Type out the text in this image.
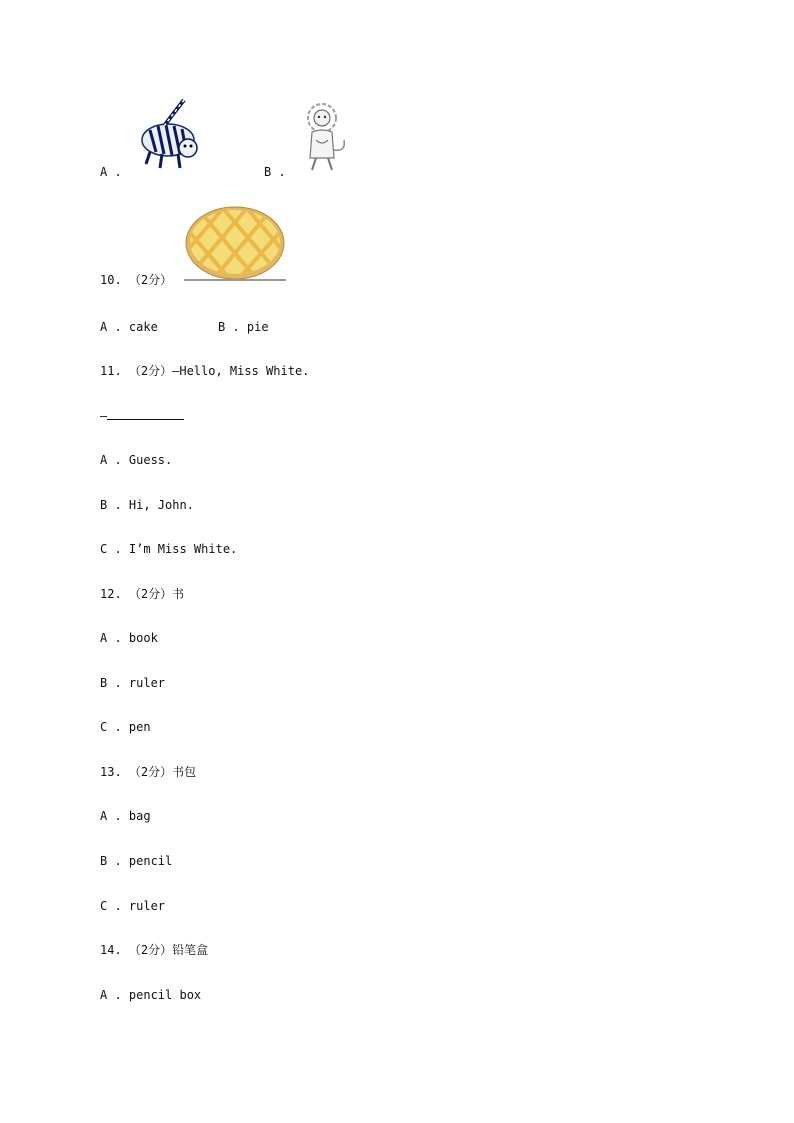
A .	B .
10. （2分）
A . cake	B . pie
11. （2分）—Hello, Miss White.
—
A . Guess.
B . Hi, John.
C . I’m Miss White.
12. （2分）书
A . book
B . ruler
C . pen
13. （2分）书包
A . bag
B . pencil
C . ruler
14. （2分）铅笔盒
A . pencil box
